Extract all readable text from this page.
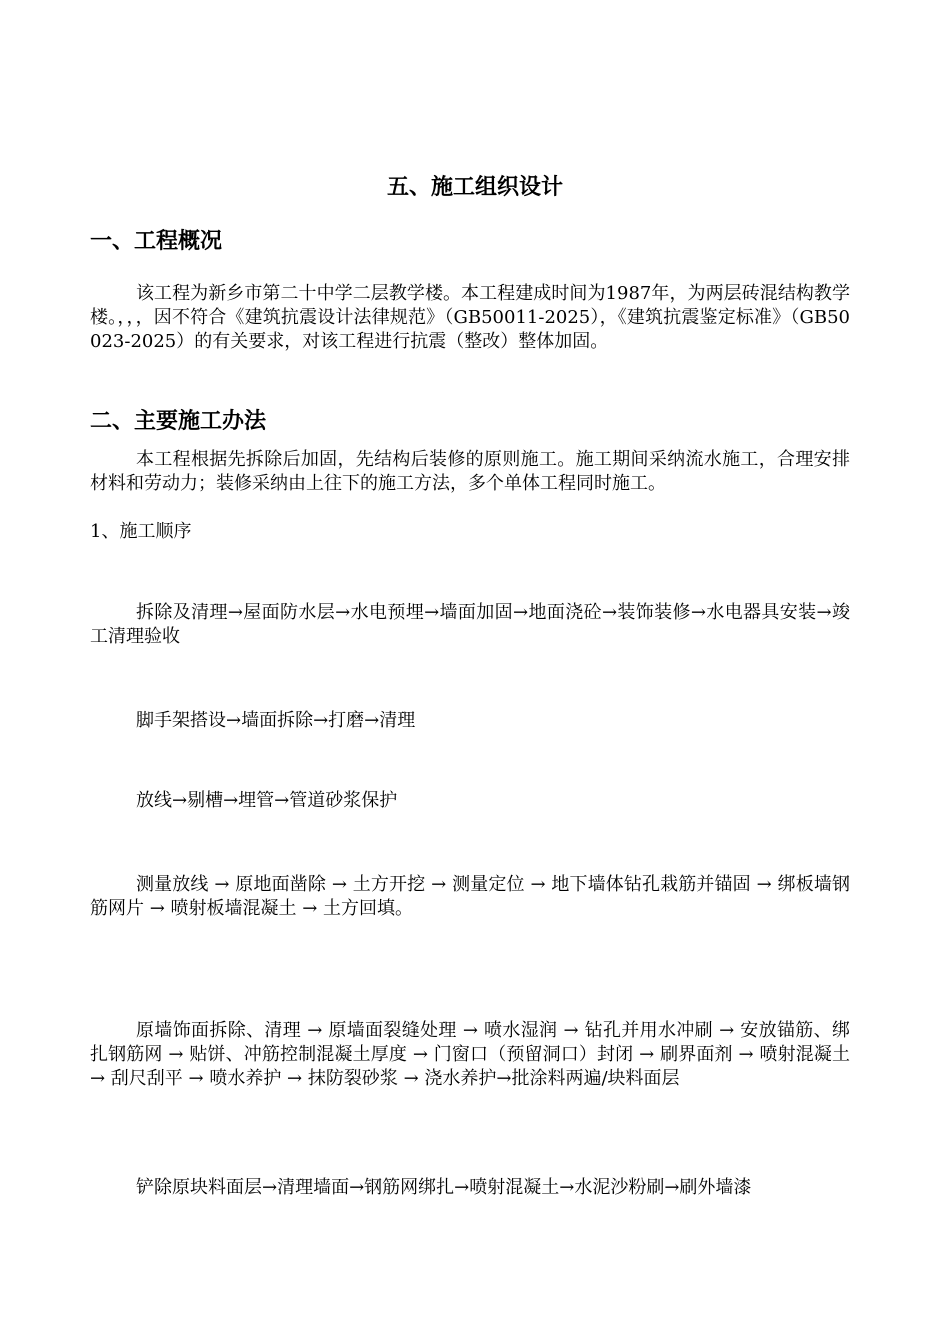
五、施工组织设计
一、工程概况
该工程为新乡市第二十中学二层教学楼。本工程建成时间为1987年，为两层砖混结构教学楼。，，，因不符合《建筑抗震设计法律规范》（GB50011-2025），《建筑抗震鉴定标准》（GB50023-2025）的有关要求，对该工程进行抗震（整改）整体加固。
二、主要施工办法
本工程根据先拆除后加固，先结构后装修的原则施工。施工期间采纳流水施工，合理安排材料和劳动力；装修采纳由上往下的施工方法，多个单体工程同时施工。
1、施工顺序
拆除及清理→屋面防水层→水电预埋→墙面加固→地面浇砼→装饰装修→水电器具安装→竣工清理验收
脚手架搭设→墙面拆除→打磨→清理
放线→剔槽→埋管→管道砂浆保护
测量放线 → 原地面凿除 → 土方开挖 → 测量定位 → 地下墙体钻孔栽筋并锚固 → 绑板墙钢筋网片 → 喷射板墙混凝土 → 土方回填。
原墙饰面拆除、清理 → 原墙面裂缝处理 → 喷水湿润 → 钻孔并用水冲刷 → 安放锚筋、绑扎钢筋网 → 贴饼、冲筋控制混凝土厚度 → 门窗口（预留洞口）封闭 → 刷界面剂 → 喷射混凝土 → 刮尺刮平 → 喷水养护 → 抹防裂砂浆 → 浇水养护→批涂料两遍/块料面层
铲除原块料面层→清理墙面→钢筋网绑扎→喷射混凝土→水泥沙粉刷→刷外墙漆
